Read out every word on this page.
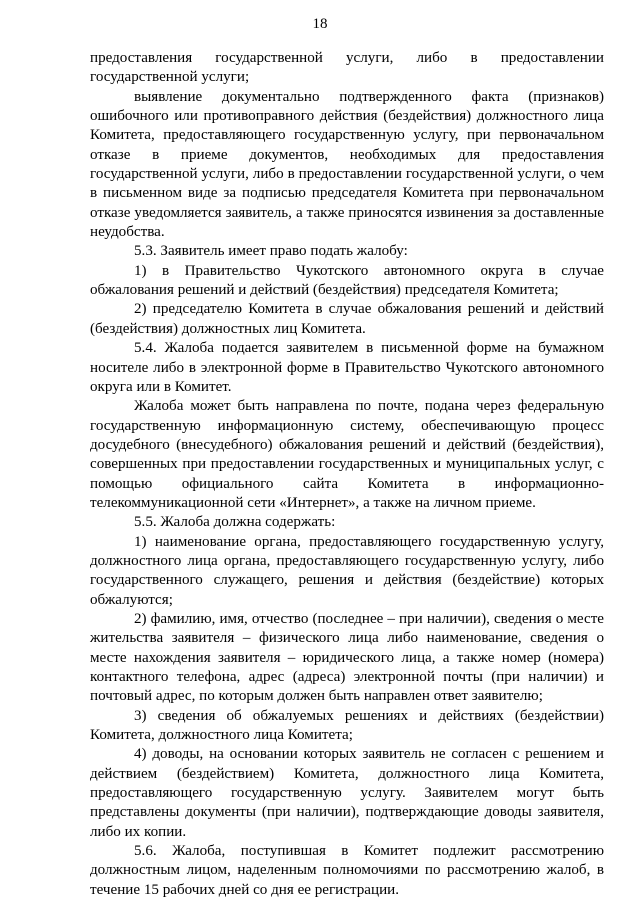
18

предоставления государственной услуги, либо в предоставлении государственной услуги;

выявление документально подтвержденного факта (признаков) ошибочного или противоправного действия (бездействия) должностного лица Комитета, предоставляющего государственную услугу, при первоначальном отказе в приеме документов, необходимых для предоставления государственной услуги, либо в предоставлении государственной услуги, о чем в письменном виде за подписью председателя Комитета при первоначальном отказе уведомляется заявитель, а также приносятся извинения за доставленные неудобства.

5.3. Заявитель имеет право подать жалобу:

1) в Правительство Чукотского автономного округа в случае обжалования решений и действий (бездействия) председателя Комитета;

2) председателю Комитета в случае обжалования решений и действий (бездействия) должностных лиц Комитета.

5.4. Жалоба подается заявителем в письменной форме на бумажном носителе либо в электронной форме в Правительство Чукотского автономного округа или в Комитет.

Жалоба может быть направлена по почте, подана через федеральную государственную информационную систему, обеспечивающую процесс досудебного (внесудебного) обжалования решений и действий (бездействия), совершенных при предоставлении государственных и муниципальных услуг, с помощью официального сайта Комитета в информационно-телекоммуникационной сети «Интернет», а также на личном приеме.

5.5. Жалоба должна содержать:

1) наименование органа, предоставляющего государственную услугу, должностного лица органа, предоставляющего государственную услугу, либо государственного служащего, решения и действия (бездействие) которых обжалуются;

2) фамилию, имя, отчество (последнее – при наличии), сведения о месте жительства заявителя – физического лица либо наименование, сведения о месте нахождения заявителя – юридического лица, а также номер (номера) контактного телефона, адрес (адреса) электронной почты (при наличии) и почтовый адрес, по которым должен быть направлен ответ заявителю;

3) сведения об обжалуемых решениях и действиях (бездействии) Комитета, должностного лица Комитета;

4) доводы, на основании которых заявитель не согласен с решением и действием (бездействием) Комитета, должностного лица Комитета, предоставляющего государственную услугу. Заявителем могут быть представлены документы (при наличии), подтверждающие доводы заявителя, либо их копии.

5.6. Жалоба, поступившая в Комитет подлежит рассмотрению должностным лицом, наделенным полномочиями по рассмотрению жалоб, в течение 15 рабочих дней со дня ее регистрации.
